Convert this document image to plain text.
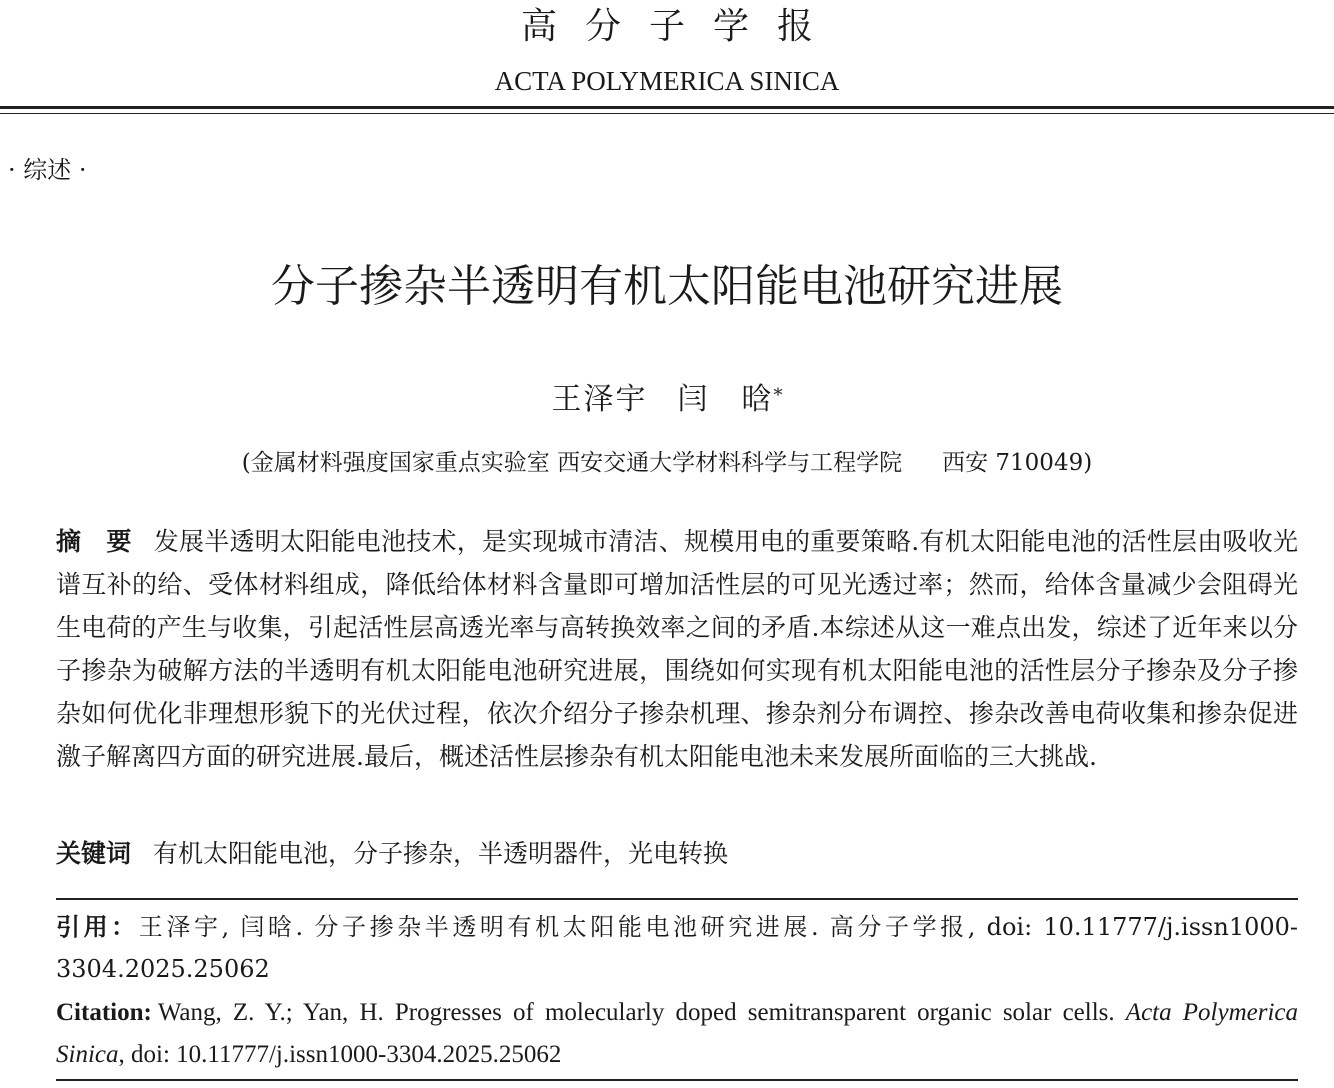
高分子学报
ACTA POLYMERICA SINICA
· 综述 ·
分子掺杂半透明有机太阳能电池研究进展
王泽宇 闫　晗*
(金属材料强度国家重点实验室 西安交通大学材料科学与工程学院 西安 710049)
摘　要 发展半透明太阳能电池技术，是实现城市清洁、规模用电的重要策略.有机太阳能电池的活性层由吸收光谱互补的给、受体材料组成，降低给体材料含量即可增加活性层的可见光透过率；然而，给体含量减少会阻碍光生电荷的产生与收集，引起活性层高透光率与高转换效率之间的矛盾.本综述从这一难点出发，综述了近年来以分子掺杂为破解方法的半透明有机太阳能电池研究进展，围绕如何实现有机太阳能电池的活性层分子掺杂及分子掺杂如何优化非理想形貌下的光伏过程，依次介绍分子掺杂机理、掺杂剂分布调控、掺杂改善电荷收集和掺杂促进激子解离四方面的研究进展.最后，概述活性层掺杂有机太阳能电池未来发展所面临的三大挑战.
关键词 有机太阳能电池，分子掺杂，半透明器件，光电转换
引用：王泽宇, 闫晗. 分子掺杂半透明有机太阳能电池研究进展. 高分子学报, doi: 10.11777/j.issn1000-3304.2025.25062
Citation: Wang, Z. Y.; Yan, H. Progresses of molecularly doped semitransparent organic solar cells. Acta Polymerica Sinica, doi: 10.11777/j.issn1000-3304.2025.25062
